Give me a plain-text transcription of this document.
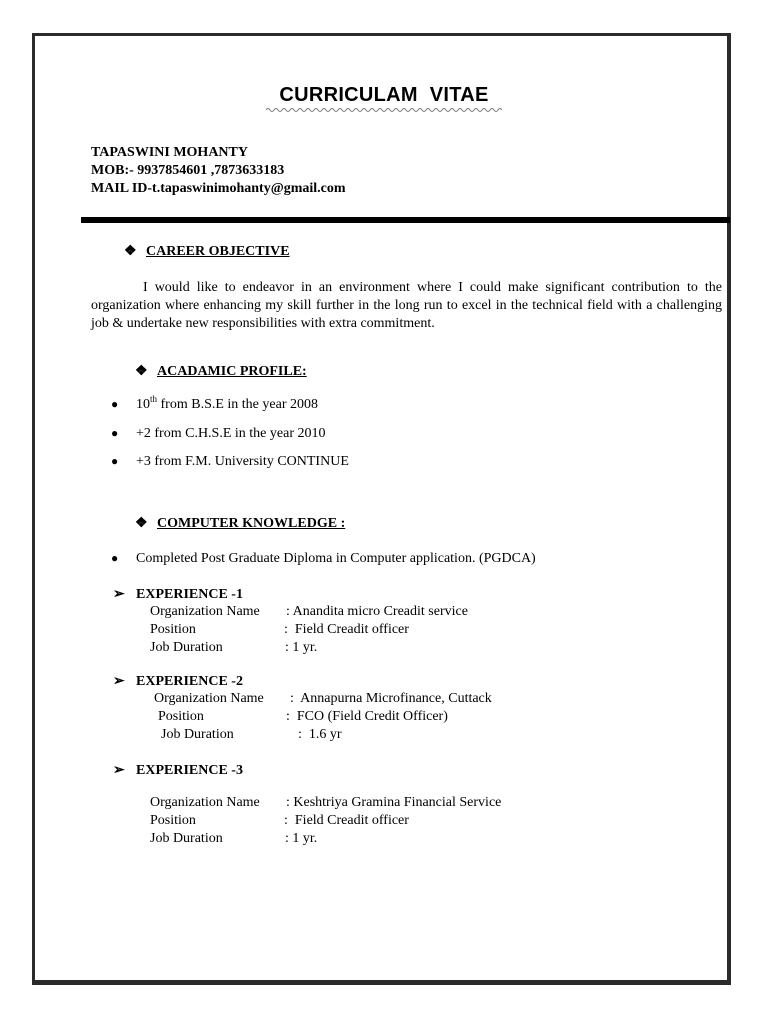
CURRICULAM VITAE
TAPASWINI MOHANTY
MOB:- 9937854601 ,7873633183
MAIL ID-t.tapaswinimohanty@gmail.com
❖ CAREER OBJECTIVE
I would like to endeavor in an environment where I could make significant contribution to the organization where enhancing my skill further in the long run to excel in the technical field with a challenging job & undertake new responsibilities with extra commitment.
❖ ACADAMIC PROFILE:
● 10th from B.S.E in the year 2008
● +2 from C.H.S.E in the year 2010
● +3 from F.M. University CONTINUE
❖ COMPUTER KNOWLEDGE :
● Completed Post Graduate Diploma in Computer application. (PGDCA)
➢ EXPERIENCE -1
Organization Name : Anandita micro Creadit service
Position	:  Field Creadit officer
Job Duration	: 1 yr.
➢ EXPERIENCE -2
Organization Name :  Annapurna Microfinance, Cuttack
Position	:  FCO (Field Credit Officer)
Job Duration	:  1.6 yr
➢ EXPERIENCE -3
Organization Name : Keshtriya Gramina Financial Service
Position	:  Field Creadit officer
Job Duration	: 1 yr.
